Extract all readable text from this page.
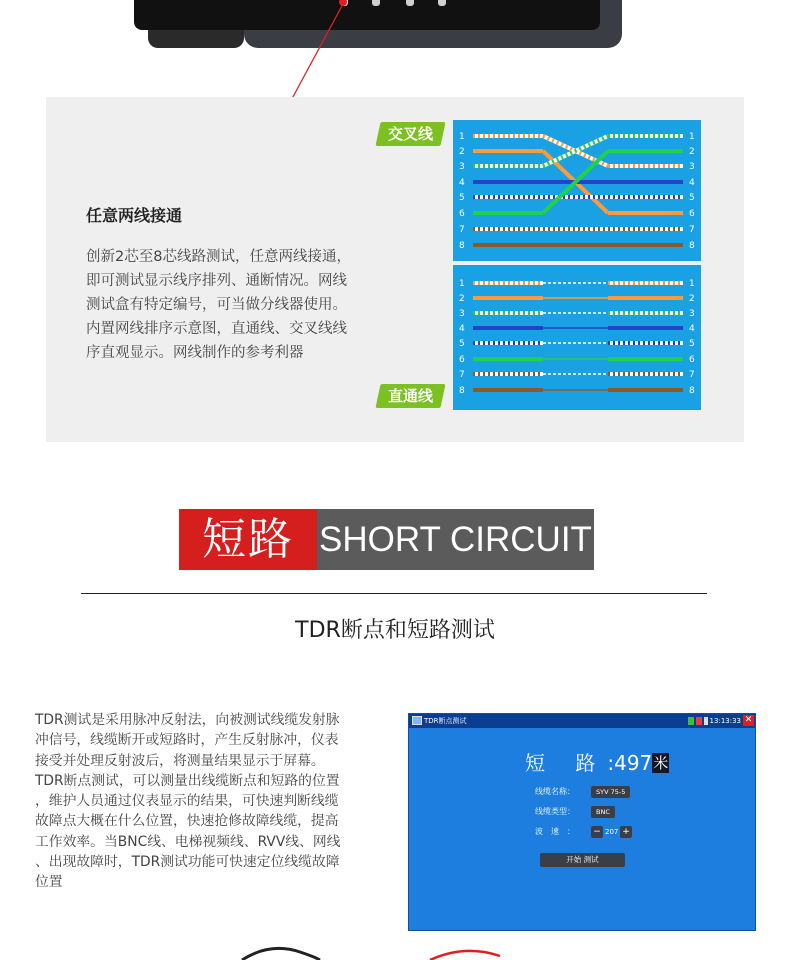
任意两线接通
创新2芯至8芯线路测试，任意两线接通，
即可测试显示线序排列、通断情况。网线
测试盒有特定编号，可当做分线器使用。
内置网线排序示意图，直通线、交叉线线
序直观显示。网线制作的参考利器
交叉线
直通线
1	1
2	2
3	3
4	4
5	5
6	6
7	7
8	8
1	1
2	2
3	3
4	4
5	5
6	6
7	7
8	8
短路 SHORT CIRCUIT
TDR断点和短路测试
TDR测试是采用脉冲反射法，向被测试线缆发射脉
冲信号，线缆断开或短路时，产生反射脉冲，仪表
接受并处理反射波后，将测量结果显示于屏幕。
TDR断点测试，可以测量出线缆断点和短路的位置
，维护人员通过仪表显示的结果，可快速判断线缆
故障点大概在什么位置，快速抢修故障线缆，提高
工作效率。当BNC线、电梯视频线、RVV线、网线
、出现故障时，TDR测试功能可快速定位线缆故障
位置
TDR断点测试	13:13:33 ✕
短 路:497米
线缆名称：	SYV 75-5
线缆类型：	BNC
波　速　： − 207 +
开始 测试
